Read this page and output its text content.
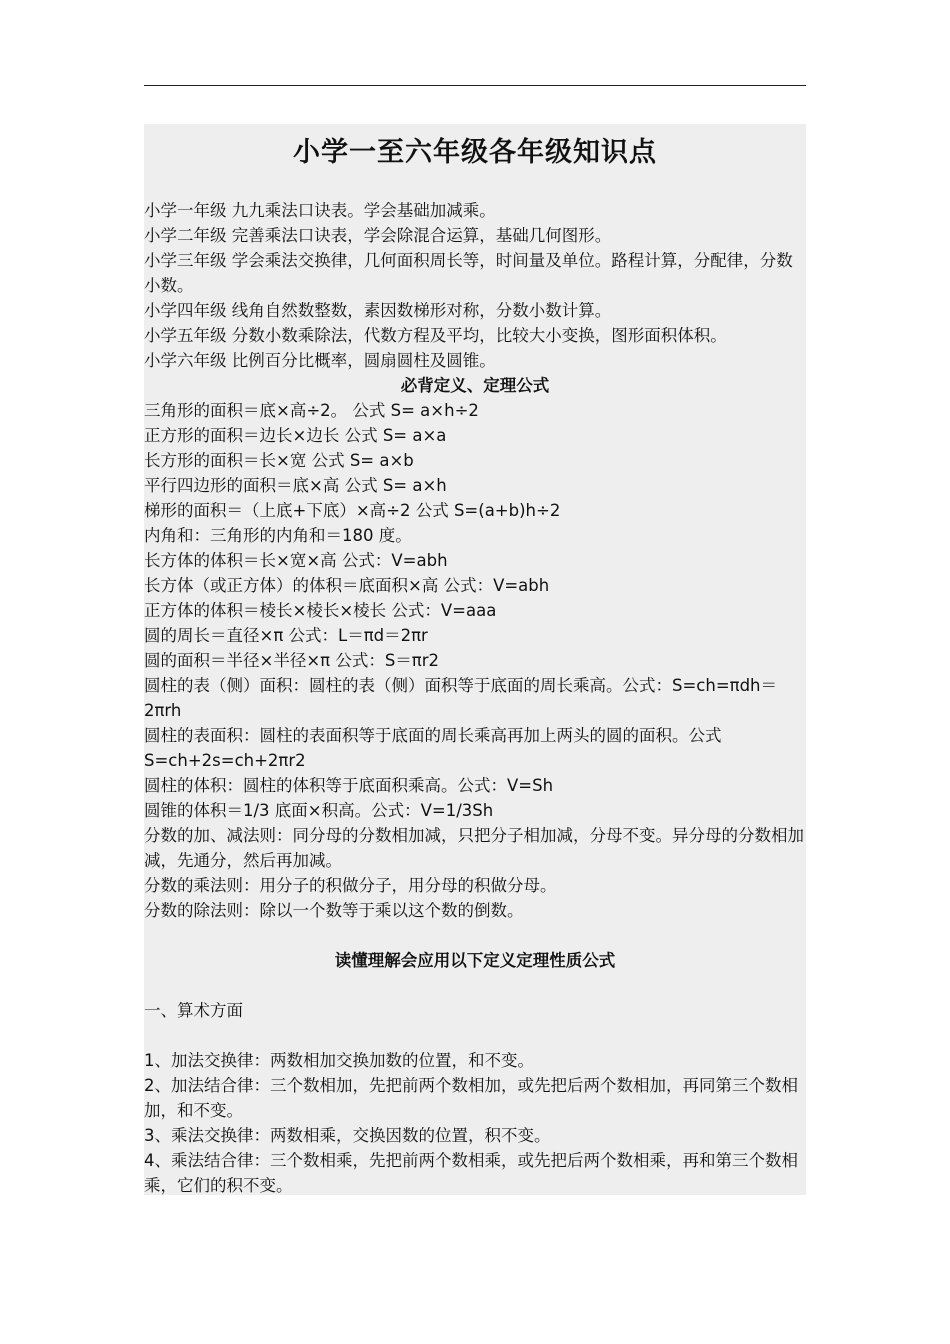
小学一至六年级各年级知识点
小学一年级 九九乘法口诀表。学会基础加减乘。
小学二年级 完善乘法口诀表，学会除混合运算，基础几何图形。
小学三年级 学会乘法交换律，几何面积周长等，时间量及单位。路程计算，分配律，分数小数。
小学四年级 线角自然数整数，素因数梯形对称，分数小数计算。
小学五年级 分数小数乘除法，代数方程及平均，比较大小变换，图形面积体积。
小学六年级 比例百分比概率，圆扇圆柱及圆锥。
必背定义、定理公式
三角形的面积＝底×高÷2。 公式 S= a×h÷2
正方形的面积＝边长×边长 公式 S= a×a
长方形的面积＝长×宽 公式 S= a×b
平行四边形的面积＝底×高 公式 S= a×h
梯形的面积＝（上底+下底）×高÷2 公式 S=(a+b)h÷2
内角和：三角形的内角和＝180 度。
长方体的体积＝长×宽×高 公式：V=abh
长方体（或正方体）的体积＝底面积×高 公式：V=abh
正方体的体积＝棱长×棱长×棱长 公式：V=aaa
圆的周长＝直径×π 公式：L＝πd＝2πr
圆的面积＝半径×半径×π 公式：S＝πr2
圆柱的表（侧）面积：圆柱的表（侧）面积等于底面的周长乘高。公式：S=ch=πdh＝2πrh
圆柱的表面积：圆柱的表面积等于底面的周长乘高再加上两头的圆的面积。公式 S=ch+2s=ch+2πr2
圆柱的体积：圆柱的体积等于底面积乘高。公式：V=Sh
圆锥的体积＝1/3 底面×积高。公式：V=1/3Sh
分数的加、减法则：同分母的分数相加减，只把分子相加减，分母不变。异分母的分数相加减，先通分，然后再加减。
分数的乘法则：用分子的积做分子，用分母的积做分母。
分数的除法则：除以一个数等于乘以这个数的倒数。
读懂理解会应用以下定义定理性质公式
一、算术方面
1、加法交换律：两数相加交换加数的位置，和不变。
2、加法结合律：三个数相加，先把前两个数相加，或先把后两个数相加，再同第三个数相加，和不变。
3、乘法交换律：两数相乘，交换因数的位置，积不变。
4、乘法结合律：三个数相乘，先把前两个数相乘，或先把后两个数相乘，再和第三个数相乘，它们的积不变。
